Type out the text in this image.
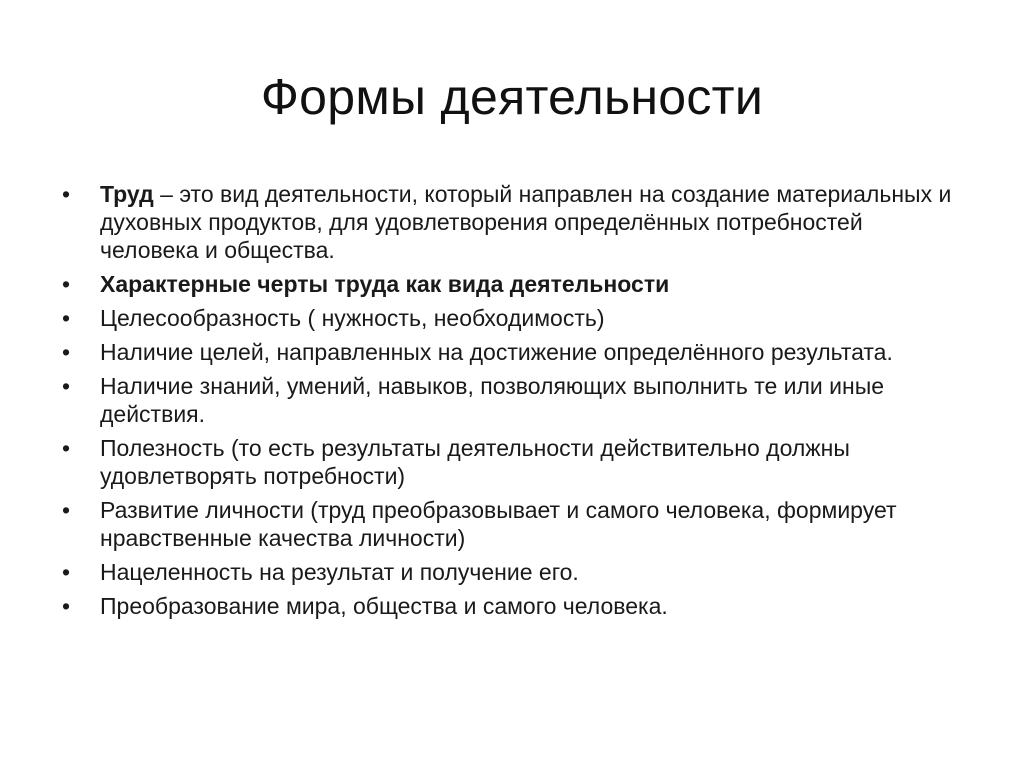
Формы деятельности
•	Труд – это вид деятельности, который направлен на создание материальных и духовных продуктов, для удовлетворения определённых потребностей человека и общества.
•	Характерные черты труда как вида деятельности
•	Целесообразность ( нужность, необходимость)
•	Наличие целей, направленных на достижение определённого результата.
•	Наличие знаний, умений, навыков, позволяющих выполнить те или иные действия.
•	Полезность (то есть результаты деятельности действительно должны удовлетворять потребности)
•	Развитие личности (труд преобразовывает и самого человека, формирует нравственные качества личности)
•	Нацеленность на результат и получение его.
•	Преобразование мира, общества и самого человека.
